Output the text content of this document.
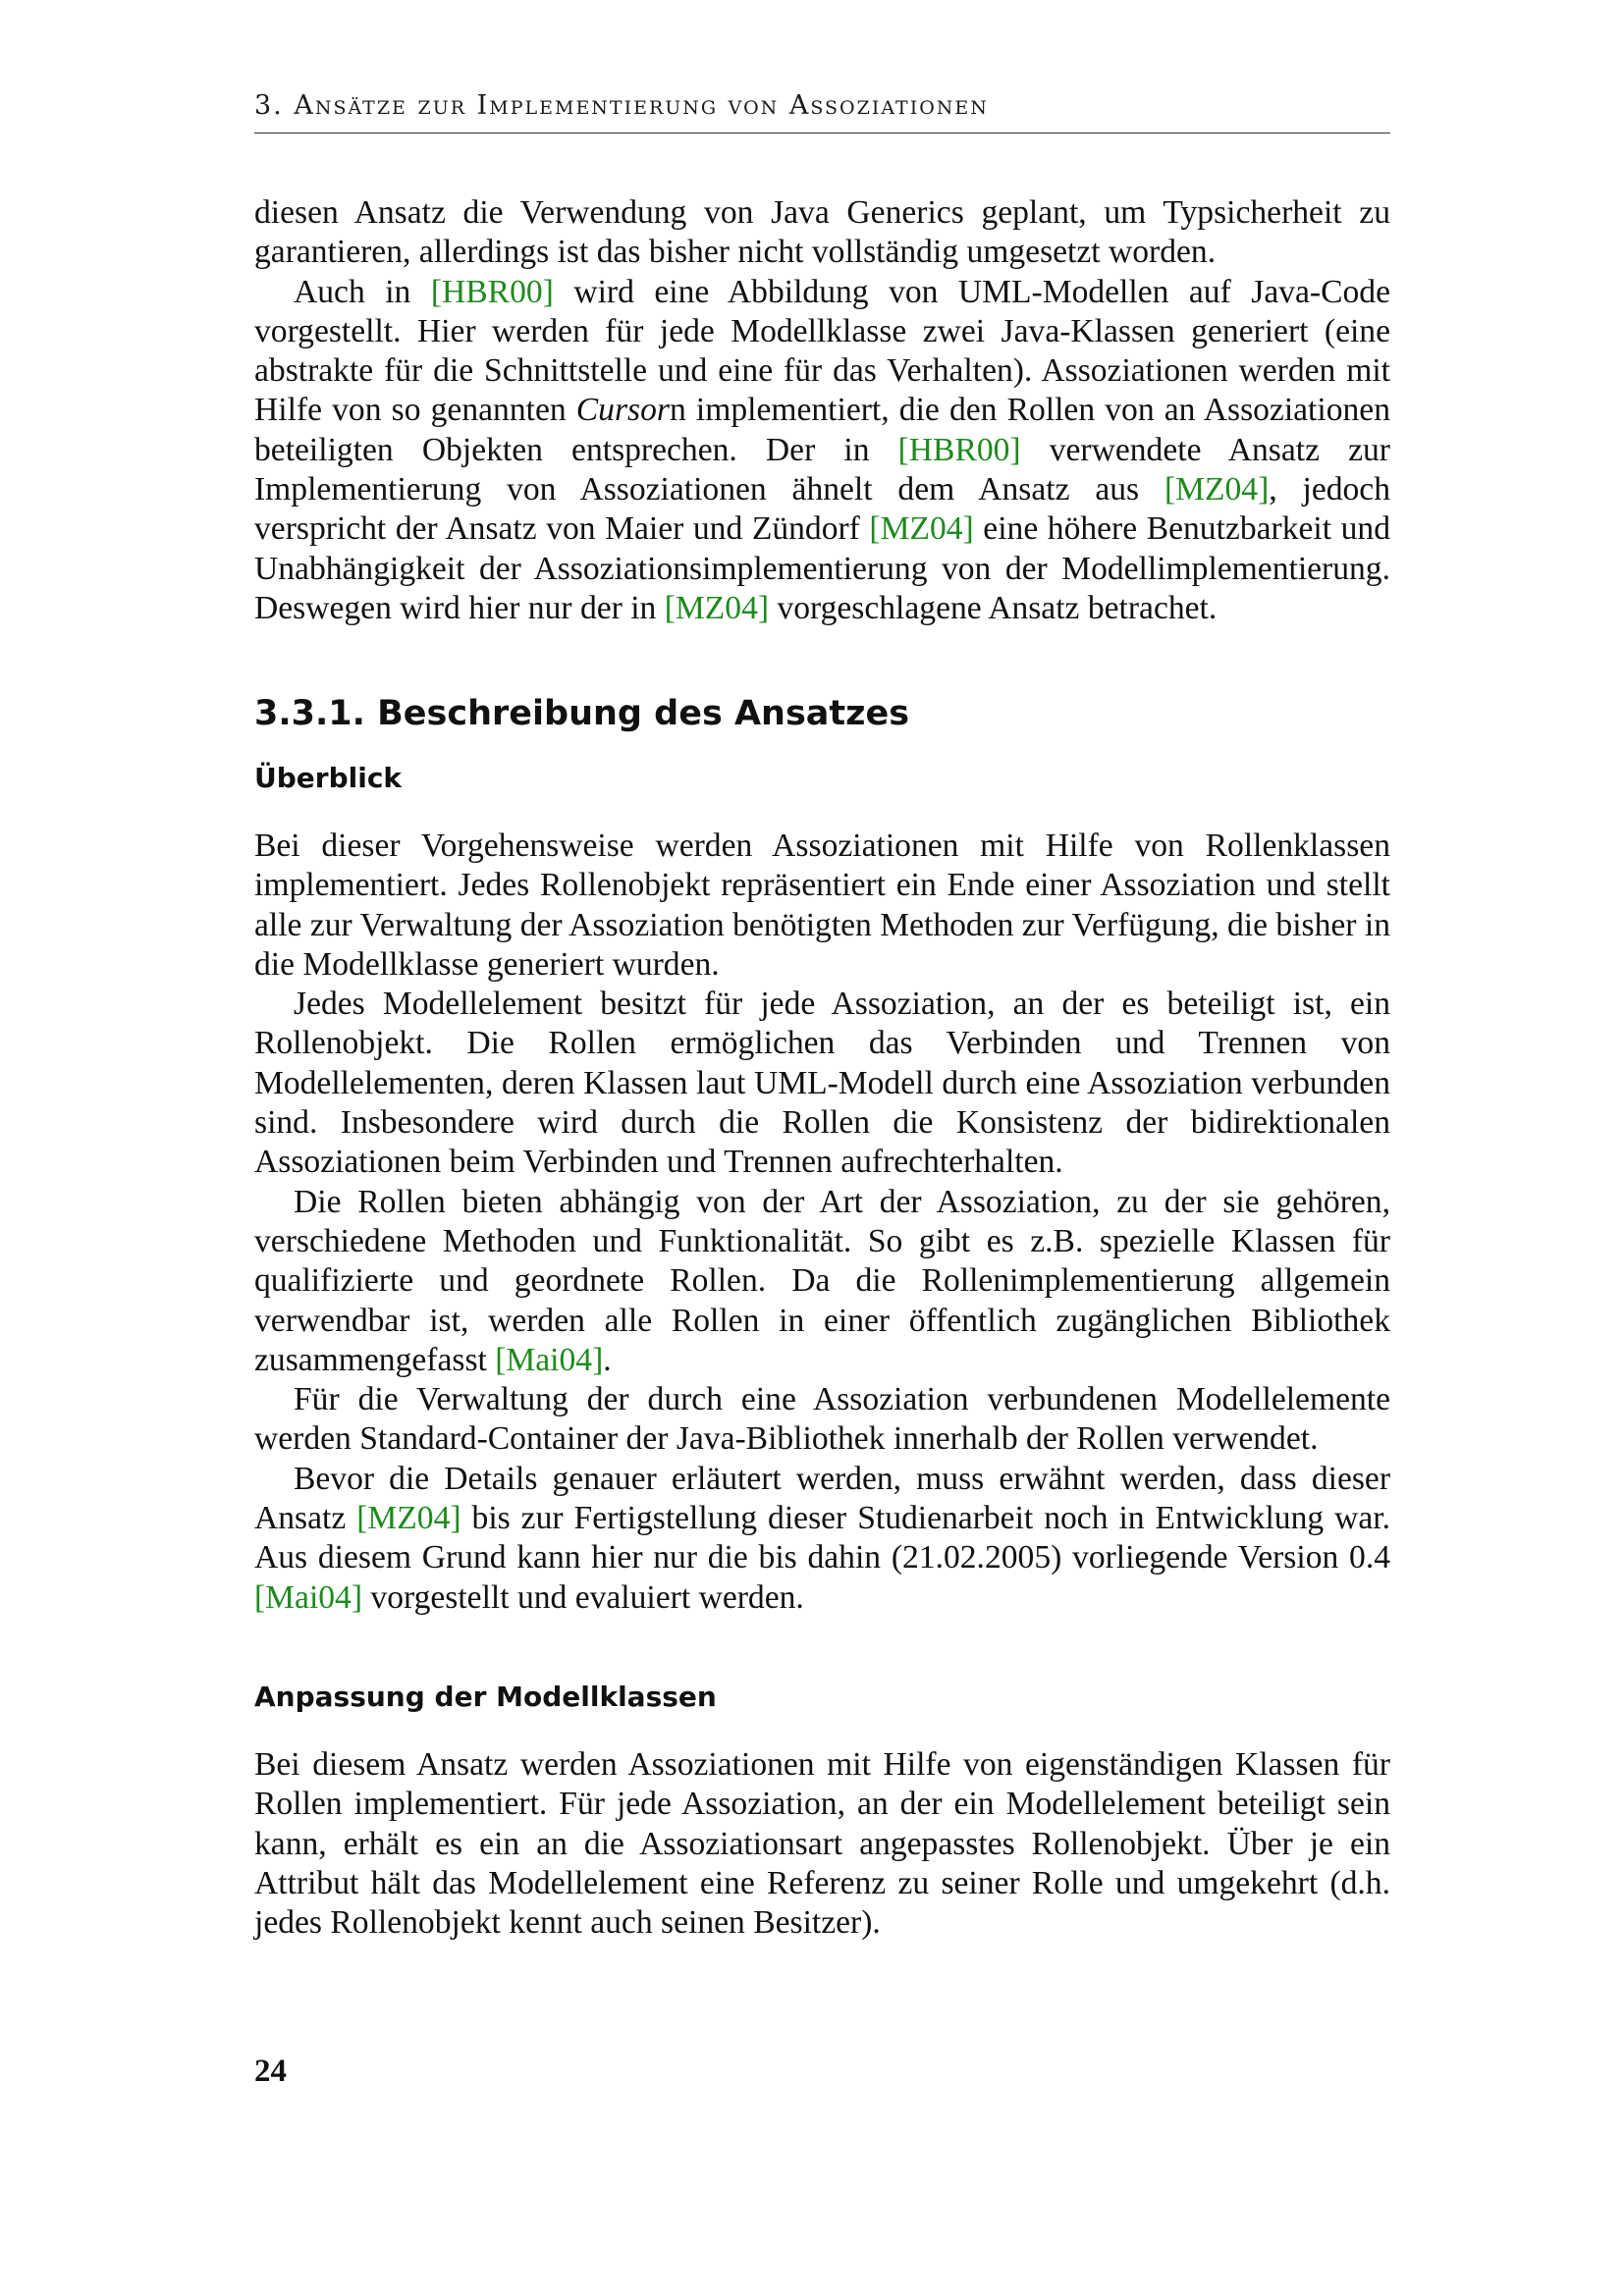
3. Ansätze zur Implementierung von Assoziationen

diesen Ansatz die Verwendung von Java Generics geplant, um Typsicherheit zu garantieren, allerdings ist das bisher nicht vollständig umgesetzt worden.

Auch in [HBR00] wird eine Abbildung von UML-Modellen auf Java-Code vorgestellt. Hier werden für jede Modellklasse zwei Java-Klassen generiert (eine abstrakte für die Schnittstelle und eine für das Verhalten). Assoziationen werden mit Hilfe von so genannten Cursorn implementiert, die den Rollen von an Assoziationen beteiligten Objekten entsprechen. Der in [HBR00] verwendete Ansatz zur Implementierung von Assoziationen ähnelt dem Ansatz aus [MZ04], jedoch verspricht der Ansatz von Maier und Zündorf [MZ04] eine höhere Benutzbarkeit und Unabhängigkeit der Assoziationsimplementierung von der Modellimplementierung. Deswegen wird hier nur der in [MZ04] vorgeschlagene Ansatz betrachet.

3.3.1. Beschreibung des Ansatzes
Überblick

Bei dieser Vorgehensweise werden Assoziationen mit Hilfe von Rollenklassen implementiert. Jedes Rollenobjekt repräsentiert ein Ende einer Assoziation und stellt alle zur Verwaltung der Assoziation benötigten Methoden zur Verfügung, die bisher in die Modellklasse generiert wurden.

Jedes Modellelement besitzt für jede Assoziation, an der es beteiligt ist, ein Rollenobjekt. Die Rollen ermöglichen das Verbinden und Trennen von Modellelementen, deren Klassen laut UML-Modell durch eine Assoziation verbunden sind. Insbesondere wird durch die Rollen die Konsistenz der bidirektionalen Assoziationen beim Verbinden und Trennen aufrechterhalten.

Die Rollen bieten abhängig von der Art der Assoziation, zu der sie gehören, verschiedene Methoden und Funktionalität. So gibt es z.B. spezielle Klassen für qualifizierte und geordnete Rollen. Da die Rollenimplementierung allgemein verwendbar ist, werden alle Rollen in einer öffentlich zugänglichen Bibliothek zusammengefasst [Mai04].

Für die Verwaltung der durch eine Assoziation verbundenen Modellelemente werden Standard-Container der Java-Bibliothek innerhalb der Rollen verwendet.

Bevor die Details genauer erläutert werden, muss erwähnt werden, dass dieser Ansatz [MZ04] bis zur Fertigstellung dieser Studienarbeit noch in Entwicklung war. Aus diesem Grund kann hier nur die bis dahin (21.02.2005) vorliegende Version 0.4 [Mai04] vorgestellt und evaluiert werden.

Anpassung der Modellklassen

Bei diesem Ansatz werden Assoziationen mit Hilfe von eigenständigen Klassen für Rollen implementiert. Für jede Assoziation, an der ein Modellelement beteiligt sein kann, erhält es ein an die Assoziationsart angepasstes Rollenobjekt. Über je ein Attribut hält das Modellelement eine Referenz zu seiner Rolle und umgekehrt (d.h. jedes Rollenobjekt kennt auch seinen Besitzer).

24
